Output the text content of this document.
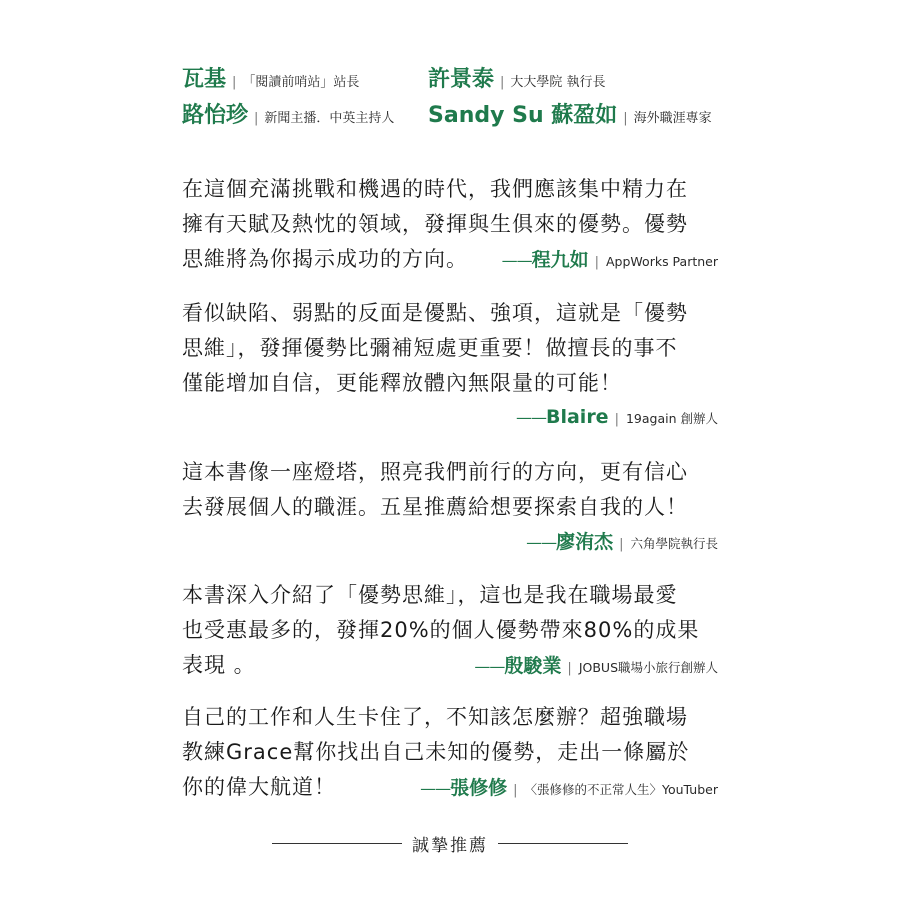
瓦基 | 「閱讀前哨站」站長	許景泰 | 大大學院 執行長
路怡珍 | 新聞主播．中英主持人 Sandy Su 蘇盈如 | 海外職涯專家

在這個充滿挑戰和機遇的時代，我們應該集中精力在

擁有天賦及熱忱的領域，發揮與生俱來的優勢。優勢

思維將為你揭示成功的方向。 ——程九如 | AppWorks Partner

看似缺陷、弱點的反面是優點、強項，這就是「優勢

思維」，發揮優勢比彌補短處更重要！做擅長的事不

僅能增加自信，更能釋放體內無限量的可能！

——Blaire | 19again 創辦人

這本書像一座燈塔，照亮我們前行的方向，更有信心

去發展個人的職涯。五星推薦給想要探索自我的人！

——廖洧杰 | 六角學院執行長

本書深入介紹了「優勢思維」，這也是我在職場最愛

也受惠最多的，發揮20%的個人優勢帶來80%的成果

表現 。	——殷駿業 | JOBUS職場小旅行創辦人

自己的工作和人生卡住了，不知該怎麼辦？超強職場

教練Grace幫你找出自己未知的優勢，走出一條屬於

你的偉大航道！	——張修修 | 〈張修修的不正常人生〉YouTuber

誠摯推薦
